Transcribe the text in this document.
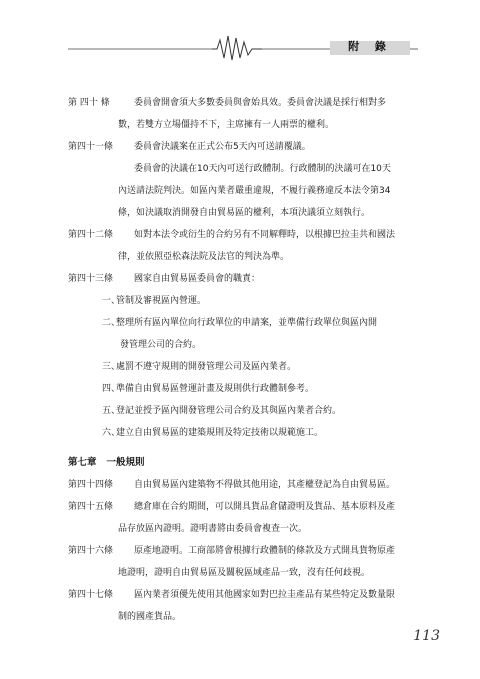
附 錄
第 四十 條	委員會開會須大多數委員與會始具效。委員會決議是採行相對多
數，若雙方立場僵持不下，主席擁有一人兩票的權利。
第四十一條	委員會決議案在正式公布5天內可送請覆議。
　　委員會的決議在10天內可送行政體制。行政體制的決議可在10天
內送請法院判決。如區內業者嚴重違規，不履行義務違反本法令第34
條，如決議取消開發自由貿易區的權利，本項決議須立刻執行。
第四十二條	如對本法令或衍生的合約另有不同解釋時，以根據巴拉圭共和國法
律，並依照亞松森法院及法官的判決為準。
第四十三條	國家自由貿易區委員會的職責：
一、
管制及審視區內營運。
二、
整理所有區內單位向行政單位的申請案，並準備行政單位與區內開
發管理公司的合約。
三、
處罰不遵守規則的開發管理公司及區內業者。
四、
準備自由貿易區營運計畫及規則供行政體制參考。
五、
登記並授予區內開發管理公司合約及其與區內業者合約。
六、
建立自由貿易區的建築規則及特定技術以規範施工。
第七章 一般規則
第四十四條	自由貿易區內建築物不得做其他用途，其產權登記為自由貿易區。
第四十五條	總倉庫在合約期間，可以開具貨品倉儲證明及貨品、基本原料及產
品存放區內證明。證明書將由委員會複查一次。
第四十六條	原產地證明。工商部將會根據行政體制的條款及方式開具貨物原產
地證明，證明自由貿易區及關稅區域產品一致，沒有任何歧視。
第四十七條	區內業者須優先使用其他國家如對巴拉圭產品有某些特定及數量限
制的國產貨品。
113
